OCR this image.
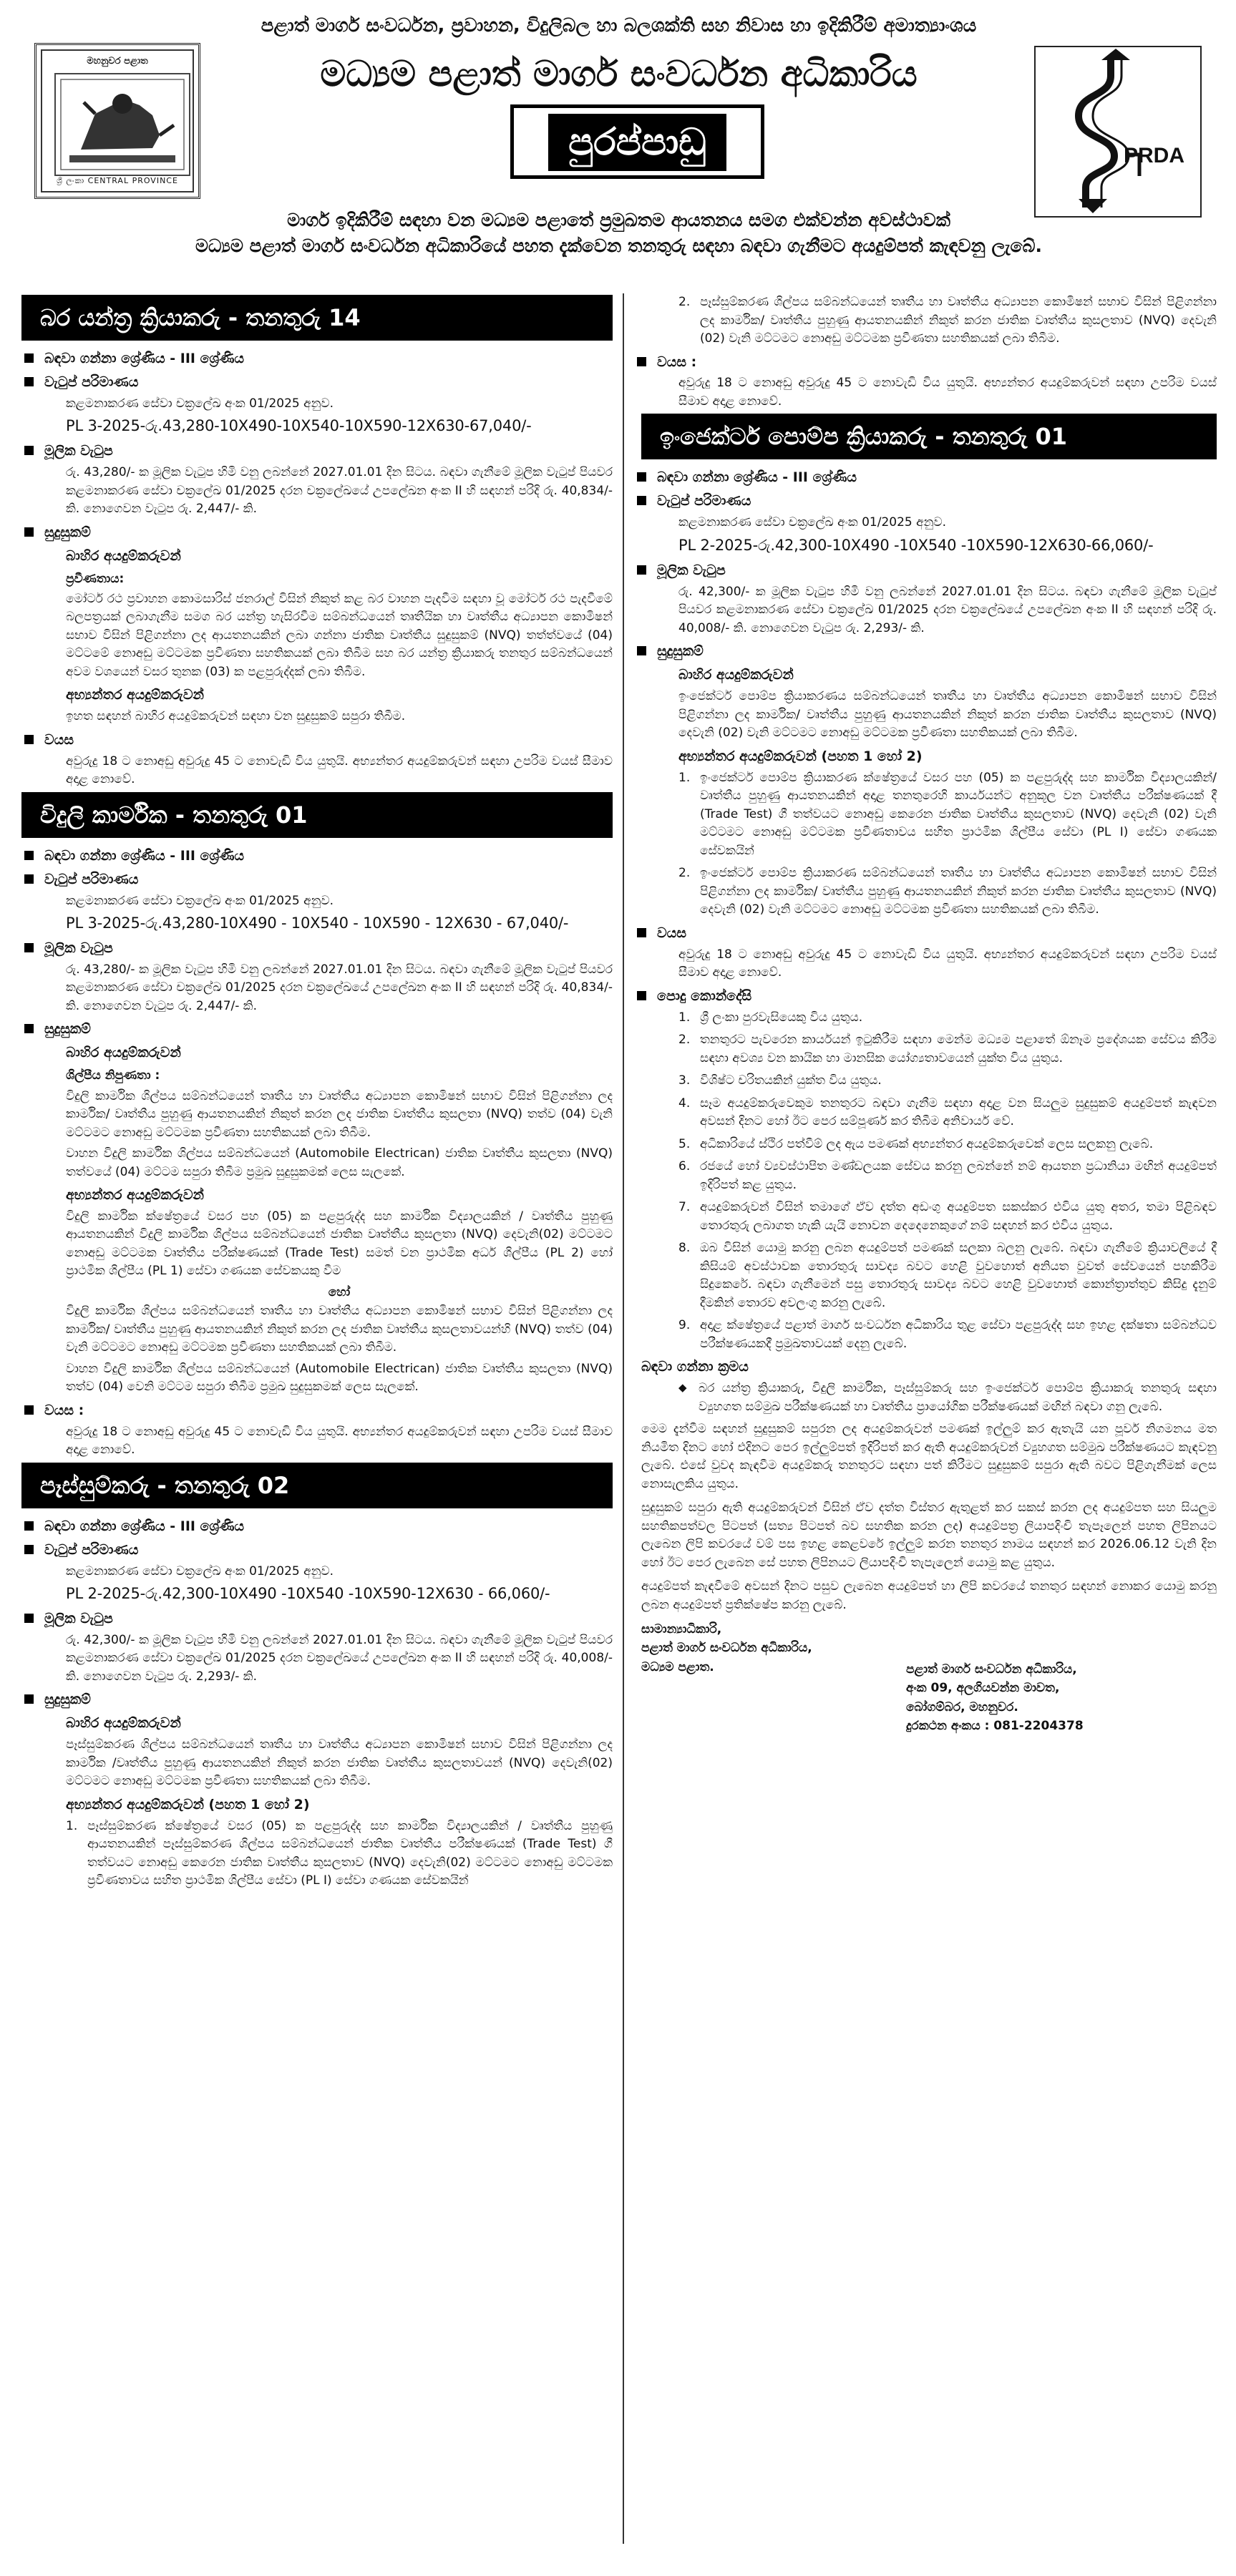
පළාත් මාර්ග සංවර්ධන, ප්‍රවාහන, විදුලිබල හා බලශක්ති සහ නිවාස හා ඉදිකිරීම් අමාත්‍යාංශය
මහනුවර පළාත
ශ්‍රී ලංකා CENTRAL PROVINCE
මධ්‍යම පළාත් මාර්ග සංවර්ධන අධිකාරිය
පුරප්පාඩු	PRDA
මාර්ග ඉදිකිරීම් සඳහා වන මධ්‍යම පළාතේ ප්‍රමුඛතම ආයතනය සමග එක්වන්න අවස්ථාවක්
මධ්‍යම පළාත් මාර්ග සංවර්ධන අධිකාරියේ පහත දැක්වෙන තනතුරු සඳහා බඳවා ගැනීමට අයදුම්පත් කැඳවනු ලැබේ.
බර යන්ත්‍ර ක්‍රියාකරු - තනතුරු 14
බඳවා ගන්නා ශ්‍රේණිය - III ශ්‍රේණිය
වැටුප් පරිමාණය
කළමනාකරණ සේවා චක්‍රලේඛ අංක 01/2025 අනුව.
PL 3-2025-රු.43,280-10X490-10X540-10X590-12X630-67,040/-
මූලික වැටුප
රු. 43,280/- ක මූලික වැටුප හිමි වනු ලබන්නේ 2027.01.01 දින සිටය. බඳවා ගැනීමේ මූලික වැටුප් පියවර කළමනාකරණ සේවා චක්‍රලේඛ 01/2025 දරන චක්‍රලේඛයේ උපලේඛන අංක II හි සඳහන් පරිදි රු. 40,834/- කි. නොගෙවන වැටුප රු. 2,447/- කි.
සුදුසුකම්
බාහිර අයදුම්කරුවන්
ප්‍රවීණතාය:
මෝටර් රථ ප්‍රවාහන කොමසාරිස් ජනරාල් විසින් නිකුත් කළ බර වාහන පැදවීම සඳහා වූ මෝටර් රථ පැදවීමේ බලපත්‍රයක් ලබාගැනීම සමග බර යන්ත්‍ර හැසිරවීම සම්බන්ධයෙන් තෘතීයික හා වෘත්තීය අධ්‍යාපන කොමිෂන් සභාව විසින් පිළිගන්නා ලද ආයතනයකින් ලබා ගන්නා ජාතික වෘත්තීය සුදුසුකම් (NVQ) තත්ත්වයේ (04) මට්ටමේ නොඅඩු මට්ටමක ප්‍රවීණතා සහතිකයක් ලබා තිබීම සහ බර යන්ත්‍ර ක්‍රියාකරු තනතුර සම්බන්ධයෙන් අවම වශයෙන් වසර තුනක (03) ක පළපුරුද්දක් ලබා තිබීම.
අභ්‍යන්තර අයදුම්කරුවන්
ඉහත සඳහන් බාහිර අයදුම්කරුවන් සඳහා වන සුදුසුකම් සපුරා තිබීම.
වයස
අවුරුදු 18 ට නොඅඩු අවුරුදු 45 ට නොවැඩි විය යුතුයි. අභ්‍යන්තර අයදුම්කරුවන් සඳහා උපරිම වයස් සීමාව අදාළ නොවේ.
විදුලි කාර්මික - තනතුරු 01
බඳවා ගන්නා ශ්‍රේණිය - III ශ්‍රේණිය
වැටුප් පරිමාණය
කළමනාකරණ සේවා චක්‍රලේඛ අංක 01/2025 අනුව.
PL 3-2025-රු.43,280-10X490 - 10X540 - 10X590 - 12X630 - 67,040/-
මූලික වැටුප
රු. 43,280/- ක මූලික වැටුප හිමි වනු ලබන්නේ 2027.01.01 දින සිටය. බඳවා ගැනීමේ මූලික වැටුප් පියවර කළමනාකරණ සේවා චක්‍රලේඛ 01/2025 දරන චක්‍රලේඛයේ උපලේඛන අංක II හි සඳහන් පරිදි රු. 40,834/- කි. නොගෙවන වැටුප රු. 2,447/- කි.
සුදුසුකම්
බාහිර අයදුම්කරුවන්
ශිල්පීය නිපුණතා :
විදුලි කාර්මික ශිල්පය සම්බන්ධයෙන් තෘතීය හා වෘත්තීය අධ්‍යාපන කොමිෂන් සභාව විසින් පිළිගන්නා ලද කාර්මික/ වෘත්තීය පුහුණු ආයතනයකින් නිකුත් කරන ලද ජාතික වෘත්තීය කුසලතා (NVQ) තත්ව (04) වැනි මට්ටමට නොඅඩු මට්ටමක ප්‍රවීණතා සහතිකයක් ලබා තිබීම.
වාහන විදුලි කාර්මික ශිල්පය සම්බන්ධයෙන් (Automobile Electrican) ජාතික වෘත්තීය කුසලතා (NVQ) තත්වයේ (04) මට්ටම සපුරා තිබීම ප්‍රමුඛ සුදුසුකමක් ලෙස සැලකේ.
අභ්‍යන්තර අයදුම්කරුවන්
විදුලි කාර්මික ක්ෂේත්‍රයේ වසර පහ (05) ක පළපුරුද්ද සහ කාර්මික විද්‍යාලයකින් / වෘත්තීය පුහුණු ආයතනයකින් විදුලි කාර්මික ශිල්පය සම්බන්ධයෙන් ජාතික වෘත්තීය කුසලතා (NVQ) දෙවැනි(02) මට්ටමට නොඅඩු මට්ටමක වෘත්තීය පරීක්ෂණයක් (Trade Test) සමත් වන ප්‍රාථමික අර්ධ ශිල්පීය (PL 2) හෝ ප්‍රාථමික ශිල්පීය (PL 1) සේවා ගණයක සේවකයකු වීම
හෝ
විදුලි කාර්මික ශිල්පය සම්බන්ධයෙන් තෘතීය හා වෘත්තීය අධ්‍යාපන කොමිෂන් සභාව විසින් පිළිගන්නා ලද කාර්මික/ වෘත්තීය පුහුණු ආයතනයකින් නිකුත් කරන ලද ජාතික වෘත්තීය කුසලතාවයන්හි (NVQ) තත්ව (04) වැනි මට්ටමට නොඅඩු මට්ටමක ප්‍රවීණතා සහතිකයක් ලබා තිබීම.
වාහන විදුලි කාර්මික ශිල්පය සම්බන්ධයෙන් (Automobile Electrican) ජාතික වෘත්තීය කුසලතා (NVQ) තත්ව (04) වෙනි මට්ටම සපුරා තිබීම ප්‍රමුඛ සුදුසුකමක් ලෙස සැලකේ.
වයස :
අවුරුදු 18 ට නොඅඩු අවුරුදු 45 ට නොවැඩි විය යුතුයි. අභ්‍යන්තර අයදුම්කරුවන් සඳහා උපරිම වයස් සීමාව අදාළ නොවේ.
පෑස්සුම්කරු - තනතුරු 02
බඳවා ගන්නා ශ්‍රේණිය - III ශ්‍රේණිය
වැටුප් පරිමාණය
කළමනාකරණ සේවා චක්‍රලේඛ අංක 01/2025 අනුව.
PL 2-2025-රු.42,300-10X490 -10X540 -10X590-12X630 - 66,060/-
මූලික වැටුප
රු. 42,300/- ක මූලික වැටුප හිමි වනු ලබන්නේ 2027.01.01 දින සිටය. බඳවා ගැනීමේ මූලික වැටුප් පියවර කළමනාකරණ සේවා චක්‍රලේඛ 01/2025 දරන චක්‍රලේඛයේ උපලේඛන අංක II හි සඳහන් පරිදි රු. 40,008/- කි. නොගෙවන වැටුප රු. 2,293/- කි.
සුදුසුකම්
බාහිර අයදුම්කරුවන්
පෑස්සුම්කරණ ශිල්පය සම්බන්ධයෙන් තෘතීය හා වෘත්තීය අධ්‍යාපන කොමිෂන් සභාව විසින් පිළිගන්නා ලද කාර්මික /වෘත්තීය පුහුණු ආයතනයකින් නිකුත් කරන ජාතික වෘත්තීය කුසලතාවයන් (NVQ) දෙවැනි(02) මට්ටමට නොඅඩු මට්ටමක ප්‍රවීණතා සහතිකයක් ලබා තිබීම.
අභ්‍යන්තර අයදුම්කරුවන් (පහත 1 හෝ 2)
1. පෑස්සුම්කරණ ක්ෂේත්‍රයේ වසර (05) ක පළපුරුද්ද සහ කාර්මික විද්‍යාලයකින් / වෘත්තීය පුහුණු ආයතනයකින් පෑස්සුම්කරණ ශිල්පය සම්බන්ධයෙන් ජාතික වෘත්තීය පරීක්ෂණයක් (Trade Test) ගී තත්වයට නොඅඩු කෙරෙන ජාතික වෘත්තීය කුසලතාව (NVQ) දෙවැනි(02) මට්ටමට නොඅඩු මට්ටමක ප්‍රවීණතාවය සහිත ප්‍රාථමික ශිල්පීය සේවා (PL I) සේවා ගණයක සේවකයින්
2. පෑස්සුම්කරණ ශිල්පය සම්බන්ධයෙන් තෘතීය හා වෘත්තීය අධ්‍යාපන කොමිෂන් සභාව විසින් පිළිගන්නා ලද කාර්මික/ වෘත්තීය පුහුණු ආයතනයකින් නිකුත් කරන ජාතික වෘත්තීය කුසලතාව (NVQ) දෙවැනි (02) වැනි මට්ටමට නොඅඩු මට්ටමක ප්‍රවීණතා සහතිකයක් ලබා තිබීම.
වයස :
අවුරුදු 18 ට නොඅඩු අවුරුදු 45 ට නොවැඩි විය යුතුයි. අභ්‍යන්තර අයදුම්කරුවන් සඳහා උපරිම වයස් සීමාව අදාළ නොවේ.
ඉංජෙක්ටර් පොම්ප ක්‍රියාකරු - තනතුරු 01
බඳවා ගන්නා ශ්‍රේණිය - III ශ්‍රේණිය
වැටුප් පරිමාණය
කළමනාකරණ සේවා චක්‍රලේඛ අංක 01/2025 අනුව.
PL 2-2025-රු.42,300-10X490 -10X540 -10X590-12X630-66,060/-
මූලික වැටුප
රු. 42,300/- ක මූලික වැටුප හිමි වනු ලබන්නේ 2027.01.01 දින සිටය. බඳවා ගැනීමේ මූලික වැටුප් පියවර කළමනාකරණ සේවා චක්‍රලේඛ 01/2025 දරන චක්‍රලේඛයේ උපලේඛන අංක II හි සඳහන් පරිදි රු. 40,008/- කි. නොගෙවන වැටුප රු. 2,293/- කි.
සුදුසුකම්
බාහිර අයදුම්කරුවන්
ඉංජෙක්ටර් පොම්ප ක්‍රියාකරණය සම්බන්ධයෙන් තෘතීය හා වෘත්තීය අධ්‍යාපන කොමිෂන් සභාව විසින් පිළිගන්නා ලද කාර්මික/ වෘත්තීය පුහුණු ආයතනයකින් නිකුත් කරන ජාතික වෘත්තීය කුසලතාව (NVQ) දෙවැනි (02) වැනි මට්ටමට නොඅඩු මට්ටමක ප්‍රවීණතා සහතිකයක් ලබා තිබීම.
අභ්‍යන්තර අයදුම්කරුවන් (පහත 1 හෝ 2)
1. ඉංජෙක්ටර් පොම්ප ක්‍රියාකරණ ක්ෂේත්‍රයේ වසර පහ (05) ක පළපුරුද්ද සහ කාර්මික විද්‍යාලයකින්/ වෘත්තීය පුහුණු ආයතනයකින් අදාළ තනතුරෙහි කාර්යයන්ට අනුකූල වන වෘත්තීය පරීක්ෂණයක් දී (Trade Test) ගී තත්වයට නොඅඩු කෙරෙන ජාතික වෘත්තීය කුසලතාව (NVQ) දෙවැනි (02) වැනි මට්ටමට නොඅඩු මට්ටමක ප්‍රවීණතාවය සහිත ප්‍රාථමික ශිල්පීය සේවා (PL I) සේවා ගණයක සේවකයින්
2. ඉංජෙක්ටර් පොම්ප ක්‍රියාකරණ සම්බන්ධයෙන් තෘතීය හා වෘත්තීය අධ්‍යාපන කොමිෂන් සභාව විසින් පිළිගන්නා ලද කාර්මික/ වෘත්තීය පුහුණු ආයතනයකින් නිකුත් කරන ජාතික වෘත්තීය කුසලතාව (NVQ) දෙවැනි (02) වැනි මට්ටමට නොඅඩු මට්ටමක ප්‍රවීණතා සහතිකයක් ලබා තිබීම.
වයස
අවුරුදු 18 ට නොඅඩු අවුරුදු 45 ට නොවැඩි විය යුතුයි. අභ්‍යන්තර අයදුම්කරුවන් සඳහා උපරිම වයස් සීමාව අදාළ නොවේ.
පොදු කොන්දේසි
1. ශ්‍රී ලංකා පුරවැසියෙකු විය යුතුය.
2. තනතුරට පැවරෙන කාර්යයන් ඉටුකිරීම සඳහා මෙන්ම මධ්‍යම පළාතේ ඕනෑම ප්‍රදේශයක සේවය කිරීම සඳහා අවශ්‍ය වන කායික හා මානසික යෝග්‍යතාවයෙන් යුක්ත විය යුතුය.
3. විශිෂ්ට චරිතයකින් යුක්ත විය යුතුය.
4. සෑම අයදුම්කරුවෙකුම තනතුරට බඳවා ගැනීම සඳහා අදාළ වන සියලුම සුදුසුකම් අයදුම්පත් කැඳවන අවසන් දිනට හෝ ඊට පෙර සම්පූර්ණ කර තිබීම අනිවාර්ය වේ.
5. අධිකාරියේ ස්ථිර පත්වීම් ලද ඇය පමණක් අභ්‍යන්තර අයදුම්කරුවෙක් ලෙස සලකනු ලැබේ.
6. රජයේ හෝ ව්‍යවස්ථාපිත මණ්ඩලයක සේවය කරනු ලබන්නේ නම් ආයතන ප්‍රධානියා මඟින් අයදුම්පත් ඉදිරිපත් කළ යුතුය.
7. අයදුම්කරුවන් විසින් තමාගේ ඒව දත්ත අඩංගු අයදුම්පත සකස්කර එවිය යුතු අතර, තමා පිළිබඳව තොරතුරු ලබාගත හැකි යැයි නොවන දෙදෙනෙකුගේ නම් සඳහන් කර එවිය යුතුය.
8. ඔබ විසින් යොමු කරනු ලබන අයදුම්පත් පමණක් සලකා බලනු ලැබේ. බඳවා ගැනීමේ ක්‍රියාවලියේ දී කිසියම් අවස්ථාවක තොරතුරු සාවද්‍ය බවට හෙළි වුවහොත් අනියත වුවත් සේවයෙන් පහකිරීම සිදුකෙරේ. බඳවා ගැනීමෙන් පසු තොරතුරු සාවද්‍ය බවට හෙළි වුවහොත් කොන්ත්‍රාත්තුව කිසිදු දැනුම් දීමකින් තොරව අවලංගු කරනු ලැබේ.
9. අදාළ ක්ෂේත්‍රයේ පළාත් මාර්ග සංවර්ධන අධිකාරිය තුළ සේවා පළපුරුද්ද සහ ඉහළ දක්ෂතා සම්බන්ධව පරීක්ෂණයකදී ප්‍රමුඛතාවයක් දෙනු ලැබේ.
බඳවා ගන්නා ක්‍රමය
◆ බර යන්ත්‍ර ක්‍රියාකරු, විදුලි කාර්මික, පෑස්සුම්කරු සහ ඉංජෙක්ටර් පොම්ප ක්‍රියාකරු තනතුරු සඳහා ව්‍යුහගත සම්මුඛ පරීක්ෂණයක් හා වෘත්තීය ප්‍රායෝගික පරීක්ෂණයක් මඟින් බඳවා ගනු ලැබේ.
මෙම දැන්වීම සඳහන් සුදුසුකම් සපුරන ලද අයදුම්කරුවන් පමණක් ඉල්ලුම් කර ඇතැයි යන පූර්ව නිගමනය මත නියමිත දිනට හෝ එදිනට පෙර ඉල්ලුම්පත් ඉදිරිපත් කර ඇති අයදුම්කරුවන් ව්‍යුහගත සම්මුඛ පරීක්ෂණයට කැඳවනු ලැබේ. එසේ වුවද කැඳවීම අයදුම්කරු තනතුරට සඳහා පත් කිරීමට සුදුසුකම් සපුරා ඇති බවට පිළිගැනීමක් ලෙස නොසැලකිය යුතුය.
සුදුසුකම් සපුරා ඇති අයදුම්කරුවන් විසින් ඒව දත්ත විස්තර ඇතුළත් කර සකස් කරන ලද අයදුම්පත සහ සියලුම සහතිකපත්වල පිටපත් (සත්‍ය පිටපත් බව සහතික කරන ලද) අයදුම්පත්‍ර ලියාපදිංචි තැපෑලෙන් පහත ලිපිනයට ලැබෙන ලිපි කවරයේ වම් පස ඉහළ කෙළවරේ ඉල්ලුම් කරන තනතුර නාමය සඳහන් කර 2026.06.12 වැනි දින හෝ ඊට පෙර ලැබෙන සේ පහත ලිපිනයට ලියාපදිංචි තැපැලෙන් යොමු කළ යුතුය.
අයදුම්පත් කැඳවීමේ අවසන් දිනට පසුව ලැබෙන අයදුම්පත් හා ලිපි කවරයේ තනතුර සඳහන් නොකර යොමු කරනු ලබන අයදුම්පත් ප්‍රතික්ෂේප කරනු ලැබේ.
සාමාන්‍යාධිකාරි,
පළාත් මාර්ග සංවර්ධන අධිකාරිය,
මධ්‍යම පළාත.	පළාත් මාර්ග සංවර්ධන අධිකාරිය,
අංක 09, අලගියවන්න මාවත,
බෝගම්බර, මහනුවර.
දුරකථන අංකය : 081-2204378
